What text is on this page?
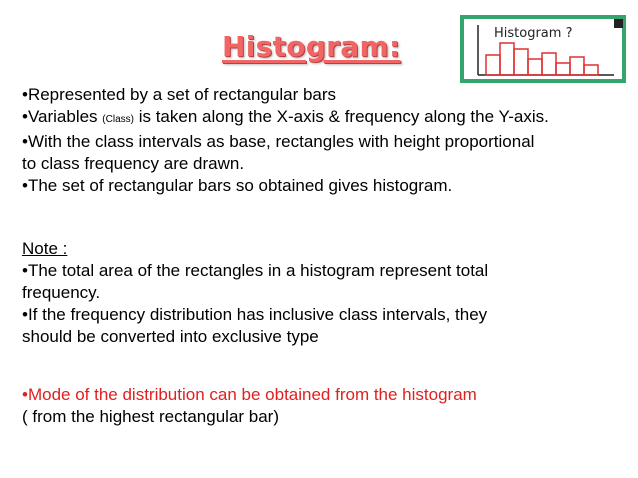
Histogram:	Histogram ?
•Represented by a set of rectangular bars
•Variables (Class) is taken along the X-axis & frequency along the Y-axis.
•With the class intervals as base, rectangles with height proportional
to class frequency are drawn.
•The set of rectangular bars so obtained gives histogram.
Note :
•The total area of the rectangles in a histogram represent total
frequency.
•If the frequency distribution has inclusive class intervals, they
should be converted into exclusive type
•Mode of the distribution can be obtained from the histogram
( from the highest rectangular bar)
